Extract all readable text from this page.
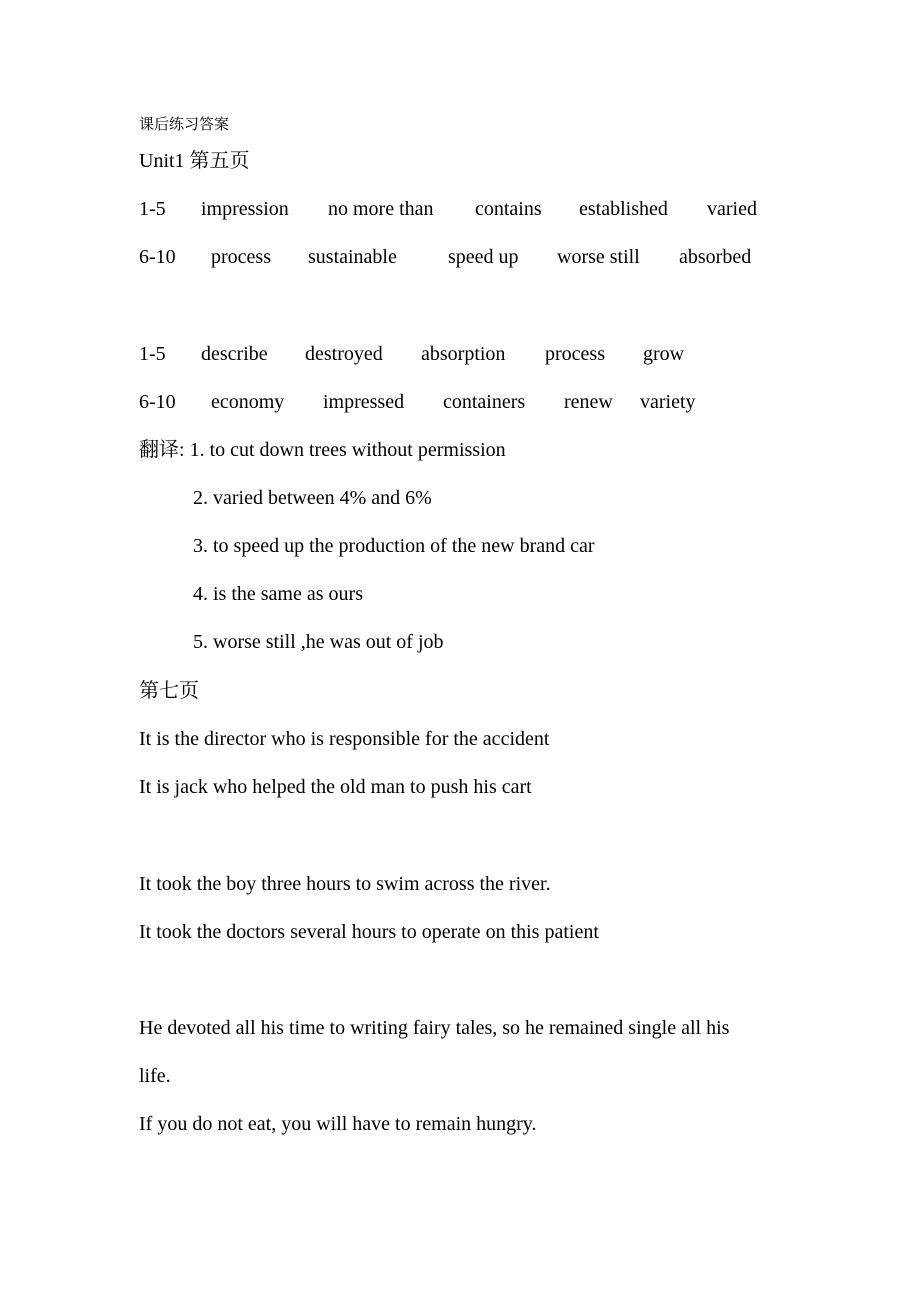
课后练习答案
Unit1 第五页
1-5 impression no more than contains established varied
6-10 process sustainable	speed up worse still absorbed
1-5 describe destroyed absorption process grow
6-10 economy impressed containers renew variety
翻译: 1. to cut down trees without permission
2. varied between 4% and 6%
3. to speed up the production of the new brand car
4. is the same as ours
5. worse still ,he was out of job
第七页
It is the director who is responsible for the accident
It is jack who helped the old man to push his cart
It took the boy three hours to swim across the river.
It took the doctors several hours to operate on this patient
He devoted all his time to writing fairy tales, so he remained single all his
life.
If you do not eat, you will have to remain hungry.
